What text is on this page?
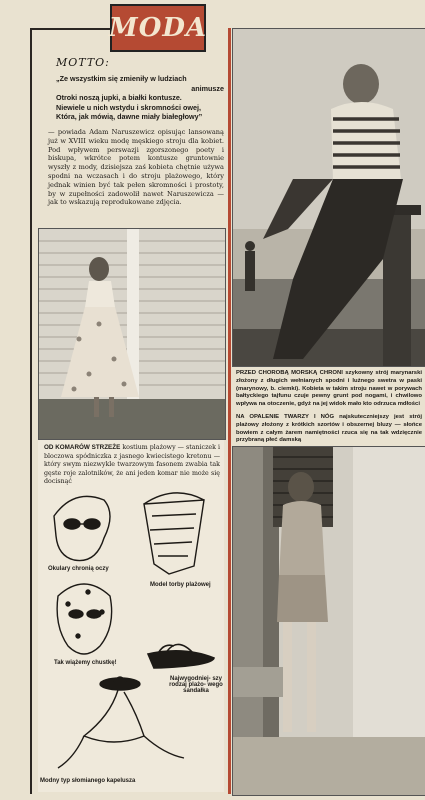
MODA
MOTTO:
„Ze wszystkim się zmieniły w ludziach
animusze
Otroki noszą jupki, a białki kontusze.
Niewiele u nich wstydu i skromności owej,
Która, jak mówią, dawne miały białegłowy”
— powiada Adam Naruszewicz opisując lansowaną już w XVIII wieku modę męskiego stroju dla kobiet. Pod wpływem perswazji zgorszonego poety i biskupa, wkrótce potem kontusze gruntownie wyszły z mody, dzisiejsza zaś kobieta chętnie używa spodni na wczasach i do stroju plażowego, który jednak winien być tak pełen skromności i prostoty, by w zupełności zadowolił nawet Naruszewicza — jak to wskazują reprodukowane zdjęcia.

PRZED CHOROBĄ MORSKĄ CHRONI szykowny strój marynarski złożony z długich wełnianych spodni i lużnego swetra w paski (marynowy, b. ciemki). Kobieta w takim stroju nawet w porywach bałtyckiego tajfunu czuje pewny grunt pod nogami, i chwilowo wpływa na otoczenie, gdyż na jej widok mało kto odrzuca mdłości

NA OPALENIE TWARZY I NÓG najskuteczniejszy jest strój plażowy złożony z krótkich szortów i obszernej bluzy — słońce bowiem z całym żarem namiętności rzuca się na tak wdzięcznie przybraną płeć damską

OD KOMARÓW STRZEŻE kostium plażowy — staniczek i bloczowa spódniczka z jasnego kwiecistego kretonu — który swym niezwykle twarzowym fasonem zwabia tak gęste roje zalotników, że ani jeden komar nie może się docisnąć
Okulary chronią oczy
Model torby plażowej
Tak wiążemy chustkę!
Najwygodniej- szy rodzaj plażo- wego sandałka
Modny typ słomianego kapelusza
